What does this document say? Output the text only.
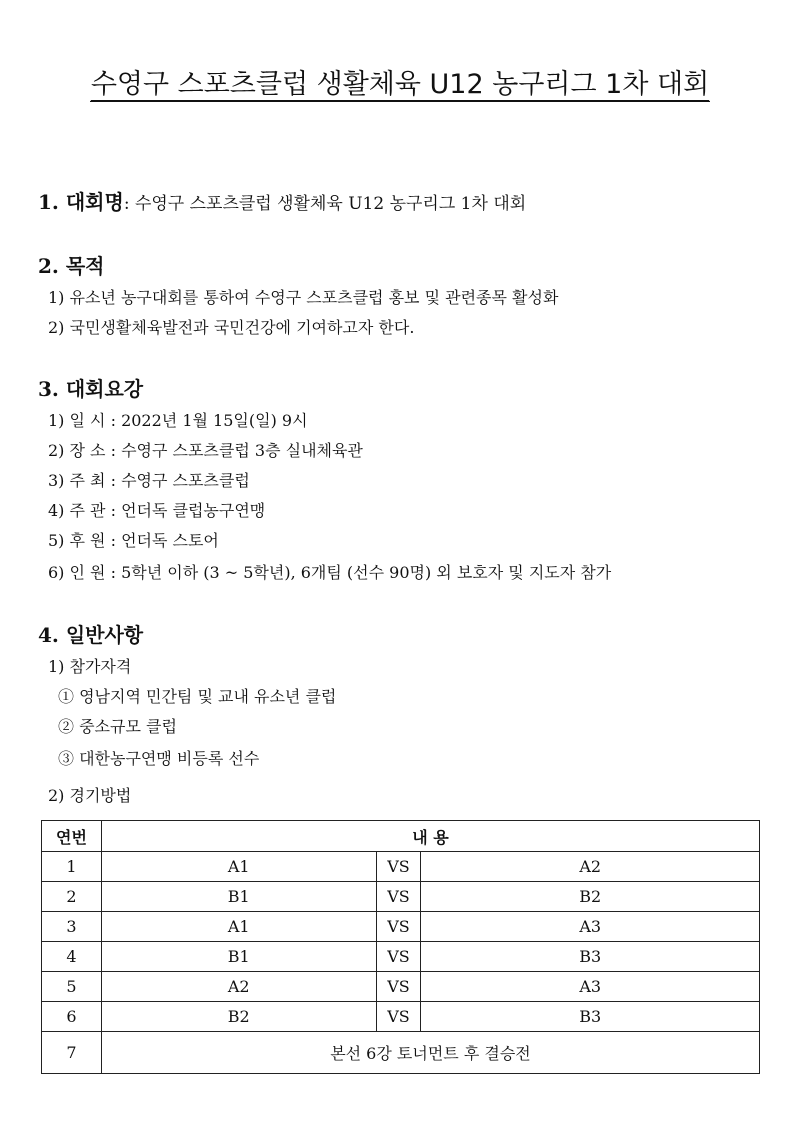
수영구 스포츠클럽 생활체육 U12 농구리그 1차 대회
1. 대회명: 수영구 스포츠클럽 생활체육 U12 농구리그 1차 대회
2. 목적
1) 유소년 농구대회를 통하여 수영구 스포츠클럽 홍보 및 관련종목 활성화
2) 국민생활체육발전과 국민건강에 기여하고자 한다.
3. 대회요강
1) 일 시 : 2022년 1월 15일(일) 9시
2) 장 소 : 수영구 스포츠클럽 3층 실내체육관
3) 주 최 : 수영구 스포츠클럽
4) 주 관 : 언더독 클럽농구연맹
5) 후 원 : 언더독 스토어
6) 인 원 : 5학년 이하 (3 ~ 5학년), 6개팀 (선수 90명) 외 보호자 및 지도자 참가
4. 일반사항
1) 참가자격
① 영남지역 민간팀 및 교내 유소년 클럽
② 중소규모 클럽
③ 대한농구연맹 비등록 선수
2) 경기방법
연번	내 용		
1	A1	VS	A2
2	B1	VS	B2
3	A1	VS	A3
4	B1	VS	B3
5	A2	VS	A3
6	B2	VS	B3
7	본선 6강 토너먼트 후 결승전		
